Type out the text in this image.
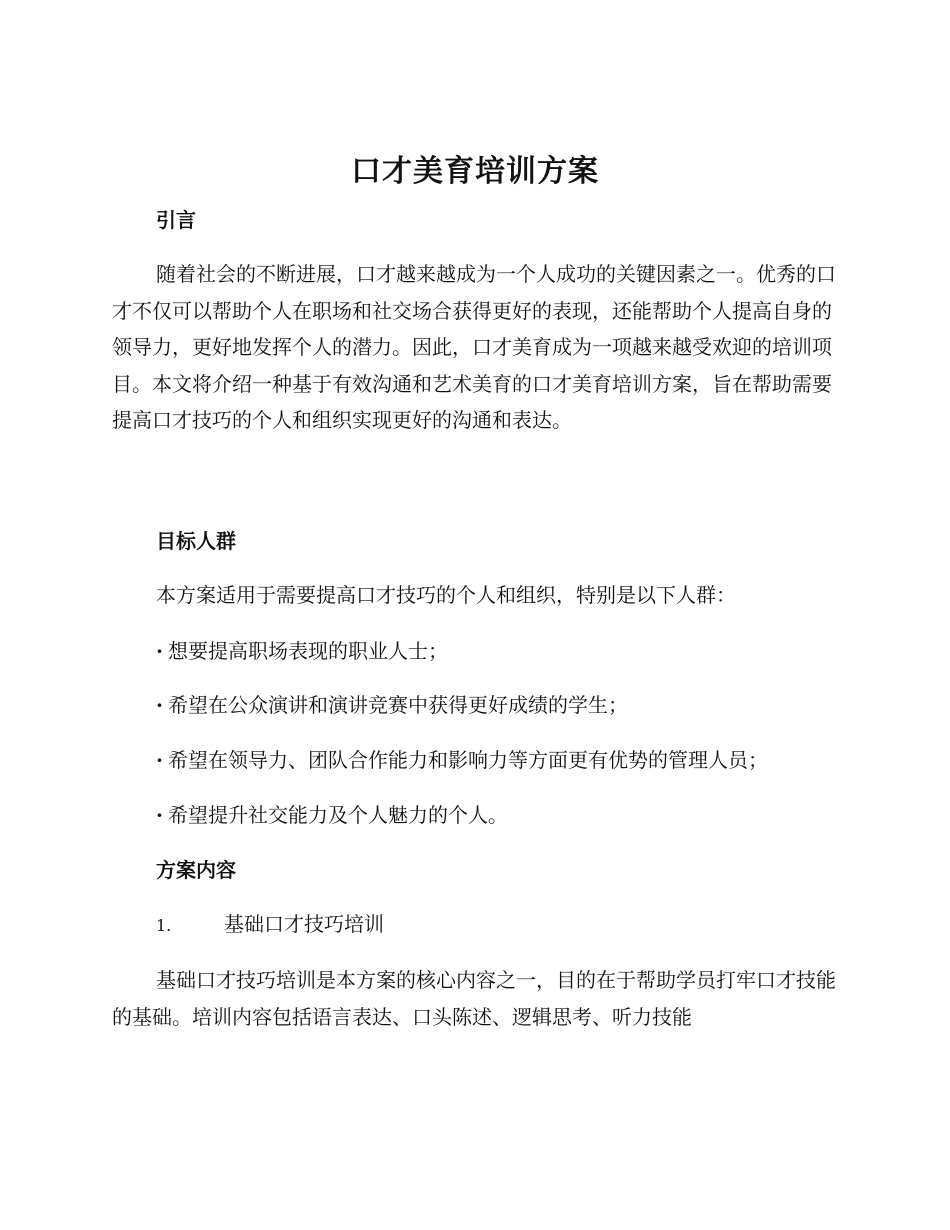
口才美育培训方案
引言

随着社会的不断进展，口才越来越成为一个人成功的关键因素之一。优秀的口才不仅可以帮助个人在职场和社交场合获得更好的表现，还能帮助个人提高自身的领导力，更好地发挥个人的潜力。因此，口才美育成为一项越来越受欢迎的培训项目。本文将介绍一种基于有效沟通和艺术美育的口才美育培训方案，旨在帮助需要提高口才技巧的个人和组织实现更好的沟通和表达。

目标人群
本方案适用于需要提高口才技巧的个人和组织，特别是以下人群：
· 想要提高职场表现的职业人士；
· 希望在公众演讲和演讲竞赛中获得更好成绩的学生；
· 希望在领导力、团队合作能力和影响力等方面更有优势的管理人员；
· 希望提升社交能力及个人魅力的个人。
方案内容
1.	基础口才技巧培训

基础口才技巧培训是本方案的核心内容之一，目的在于帮助学员打牢口才技能的基础。培训内容包括语言表达、口头陈述、逻辑思考、听力技能
